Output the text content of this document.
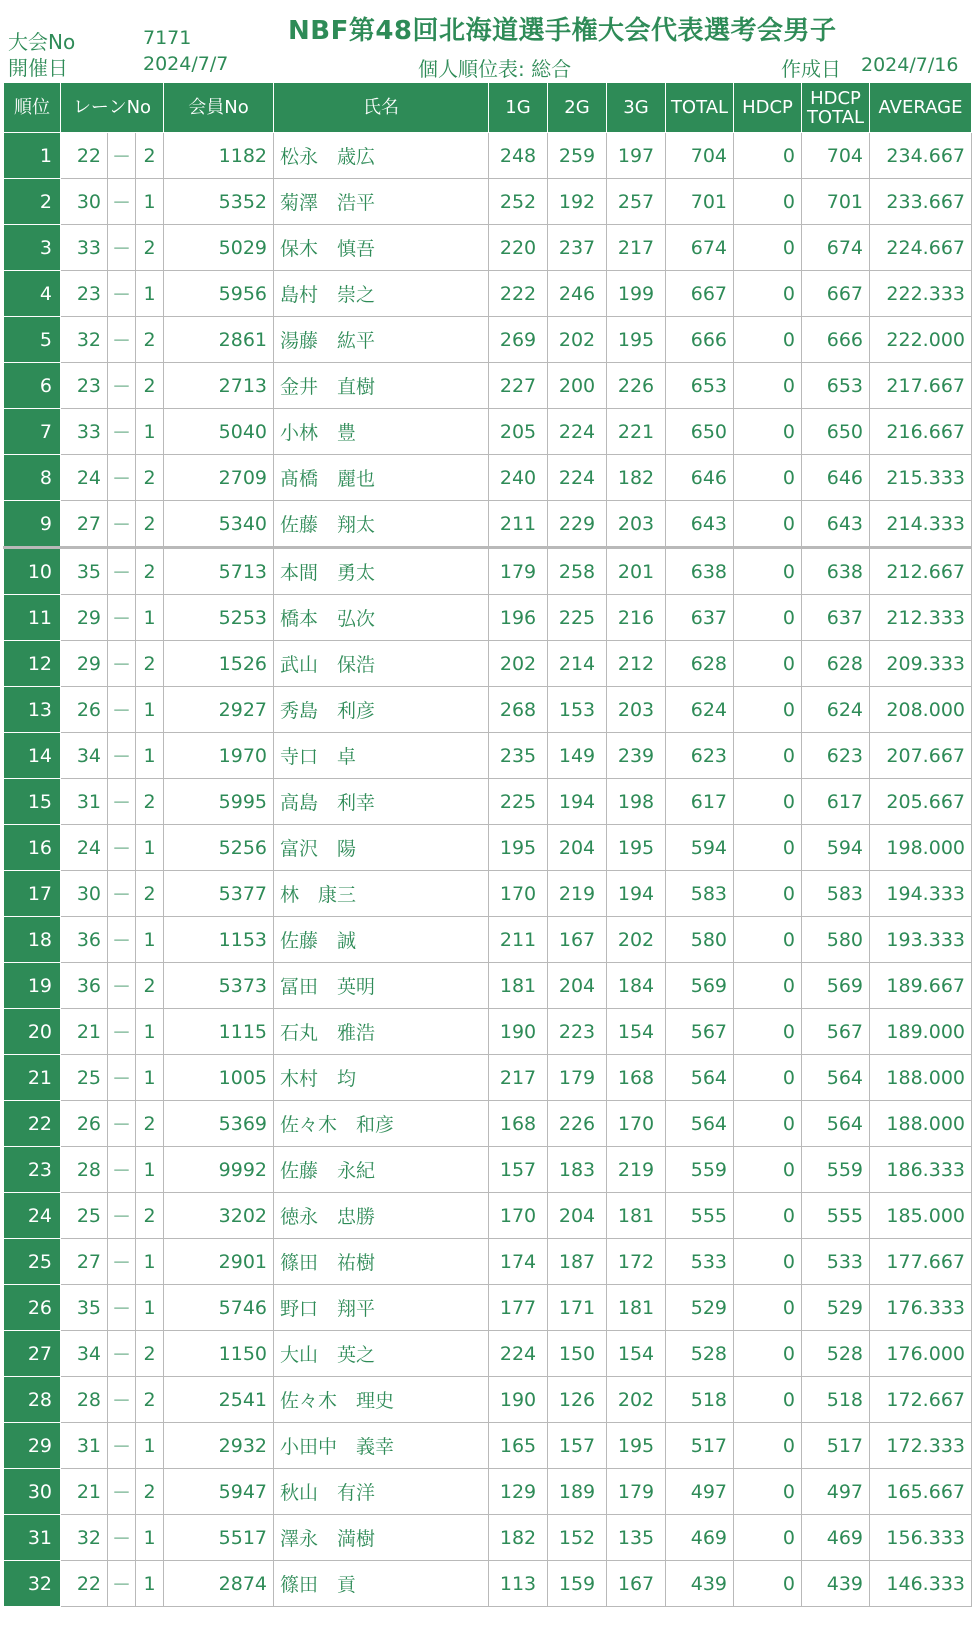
NBF第48回北海道選手権大会代表選考会男子
大会No	7171
開催日	2024/7/7	個人順位表: 総合	作成日 2024/7/16
順位	レーンNo			会員No	氏名	1G	2G	3G	TOTAL	HDCP	HDCP
TOTAL	AVERAGE
1	22	－	2	1182	松永　歳広	248	259	197	704	0	704	234.667
2	30	－	1	5352	菊澤　浩平	252	192	257	701	0	701	233.667
3	33	－	2	5029	保木　慎吾	220	237	217	674	0	674	224.667
4	23	－	1	5956	島村　崇之	222	246	199	667	0	667	222.333
5	32	－	2	2861	湯藤　紘平	269	202	195	666	0	666	222.000
6	23	－	2	2713	金井　直樹	227	200	226	653	0	653	217.667
7	33	－	1	5040	小林　豊	205	224	221	650	0	650	216.667
8	24	－	2	2709	髙橋　麗也	240	224	182	646	0	646	215.333
9	27	－	2	5340	佐藤　翔太	211	229	203	643	0	643	214.333
10	35	－	2	5713	本間　勇太	179	258	201	638	0	638	212.667
11	29	－	1	5253	橋本　弘次	196	225	216	637	0	637	212.333
12	29	－	2	1526	武山　保浩	202	214	212	628	0	628	209.333
13	26	－	1	2927	秀島　利彦	268	153	203	624	0	624	208.000
14	34	－	1	1970	寺口　卓	235	149	239	623	0	623	207.667
15	31	－	2	5995	高島　利幸	225	194	198	617	0	617	205.667
16	24	－	1	5256	富沢　陽	195	204	195	594	0	594	198.000
17	30	－	2	5377	林　康三	170	219	194	583	0	583	194.333
18	36	－	1	1153	佐藤　誠	211	167	202	580	0	580	193.333
19	36	－	2	5373	冨田　英明	181	204	184	569	0	569	189.667
20	21	－	1	1115	石丸　雅浩	190	223	154	567	0	567	189.000
21	25	－	1	1005	木村　均	217	179	168	564	0	564	188.000
22	26	－	2	5369	佐々木　和彦	168	226	170	564	0	564	188.000
23	28	－	1	9992	佐藤　永紀	157	183	219	559	0	559	186.333
24	25	－	2	3202	徳永　忠勝	170	204	181	555	0	555	185.000
25	27	－	1	2901	篠田　祐樹	174	187	172	533	0	533	177.667
26	35	－	1	5746	野口　翔平	177	171	181	529	0	529	176.333
27	34	－	2	1150	大山　英之	224	150	154	528	0	528	176.000
28	28	－	2	2541	佐々木　理史	190	126	202	518	0	518	172.667
29	31	－	1	2932	小田中　義幸	165	157	195	517	0	517	172.333
30	21	－	2	5947	秋山　有洋	129	189	179	497	0	497	165.667
31	32	－	1	5517	澤永　満樹	182	152	135	469	0	469	156.333
32	22	－	1	2874	篠田　貢	113	159	167	439	0	439	146.333
